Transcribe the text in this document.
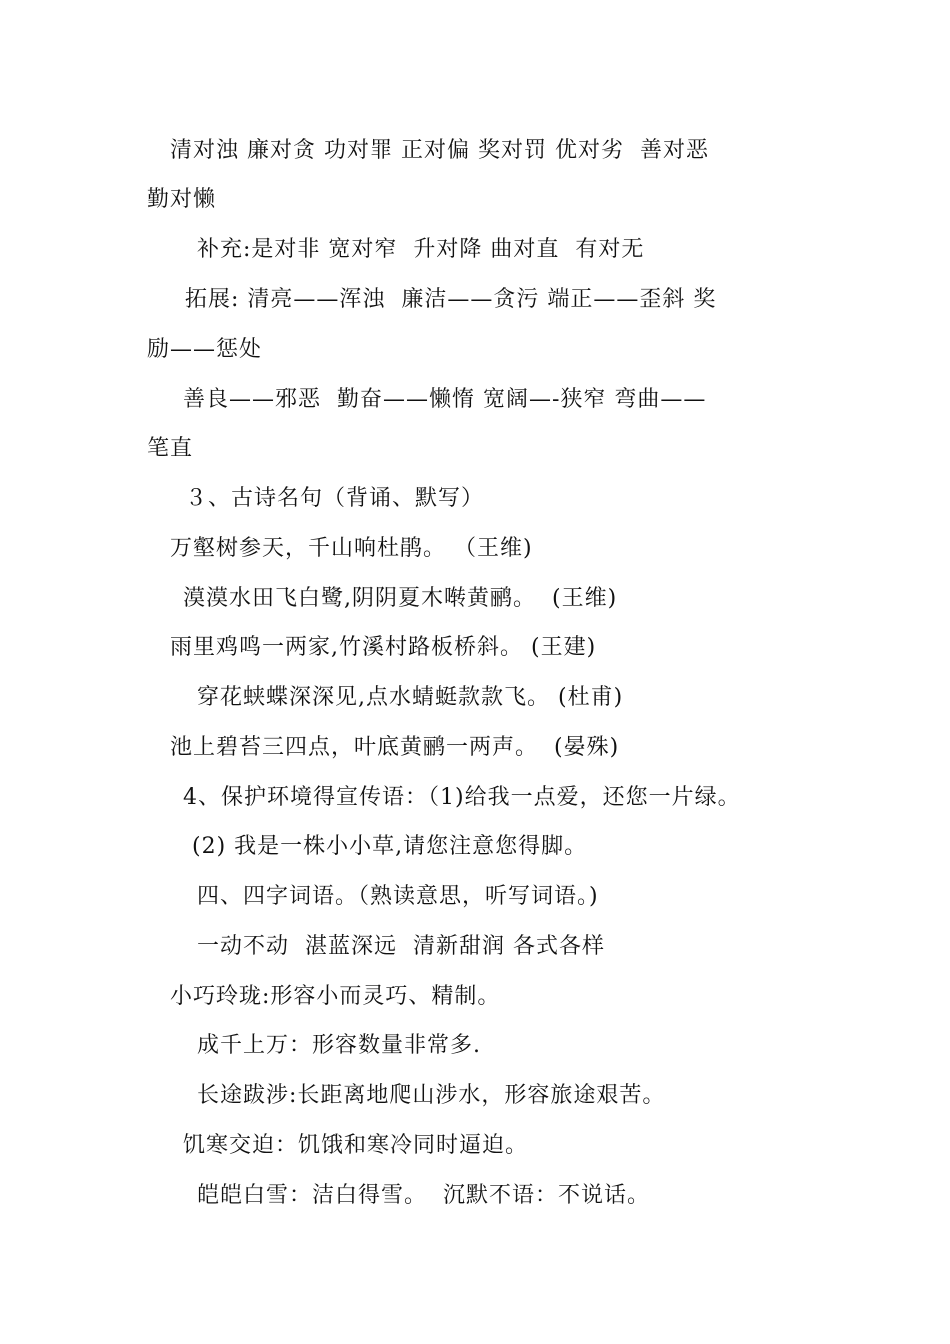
清对浊 廉对贪 功对罪 正对偏 奖对罚 优对劣  善对恶
勤对懒
补充:是对非 宽对窄  升对降 曲对直  有对无
拓展: 清亮——浑浊  廉洁——贪污 端正——歪斜 奖
励——惩处
善良——邪恶  勤奋——懒惰 宽阔—-狭窄 弯曲——
笔直
３、古诗名句（背诵、默写）
万壑树参天，千山响杜鹃。 （王维)
漠漠水田飞白鹭,阴阴夏木啭黄鹂。  (王维)
雨里鸡鸣一两家,竹溪村路板桥斜。 (王建)
穿花蛱蝶深深见,点水蜻蜓款款飞。 (杜甫)
池上碧苔三四点，叶底黄鹂一两声。  (晏殊)
4、保护环境得宣传语：（1)给我一点爱，还您一片绿。
(2) 我是一株小小草,请您注意您得脚。
四、四字词语。（熟读意思，听写词语。)
一动不动  湛蓝深远  清新甜润 各式各样
小巧玲珑:形容小而灵巧、精制。
成千上万：形容数量非常多.
长途跋涉:长距离地爬山涉水，形容旅途艰苦。
饥寒交迫：饥饿和寒冷同时逼迫。
皑皑白雪：洁白得雪。  沉默不语：不说话。
